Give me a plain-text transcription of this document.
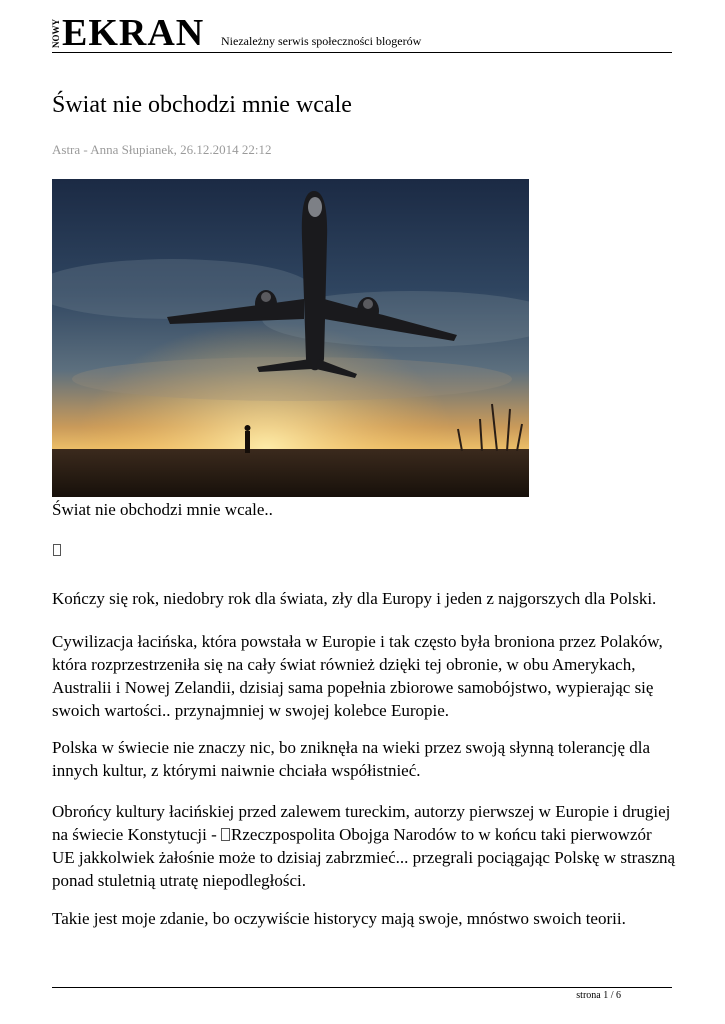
NOWY EKRAN Niezależny serwis społeczności blogerów
Świat nie obchodzi mnie wcale
Astra - Anna Słupianek, 26.12.2014 22:12
Świat nie obchodzi mnie wcale..

Kończy się rok, niedobry rok dla świata, zły dla Europy i jeden z najgorszych dla Polski.

Cywilizacja łacińska, która powstała w Europie i tak często była broniona przez Polaków, która rozprzestrzeniła się na cały świat również dzięki tej obronie, w obu Amerykach, Australii i Nowej Zelandii, dzisiaj sama popełnia zbiorowe samobójstwo, wypierając się swoich wartości.. przynajmniej w swojej kolebce Europie.

Polska w świecie nie znaczy nic, bo zniknęła na wieki przez swoją słynną tolerancję dla innych kultur, z którymi naiwnie chciała współistnieć.

Obrońcy kultury łacińskiej przed zalewem tureckim, autorzy pierwszej w Europie i drugiej na świecie Konstytucji - Rzeczpospolita Obojga Narodów to w końcu taki pierwowzór UE jakkolwiek żałośnie może to dzisiaj zabrzmieć... przegrali pociągając Polskę w straszną ponad stuletnią utratę niepodległości.

Takie jest moje zdanie, bo oczywiście historycy mają swoje, mnóstwo swoich teorii.

strona 1 / 6
